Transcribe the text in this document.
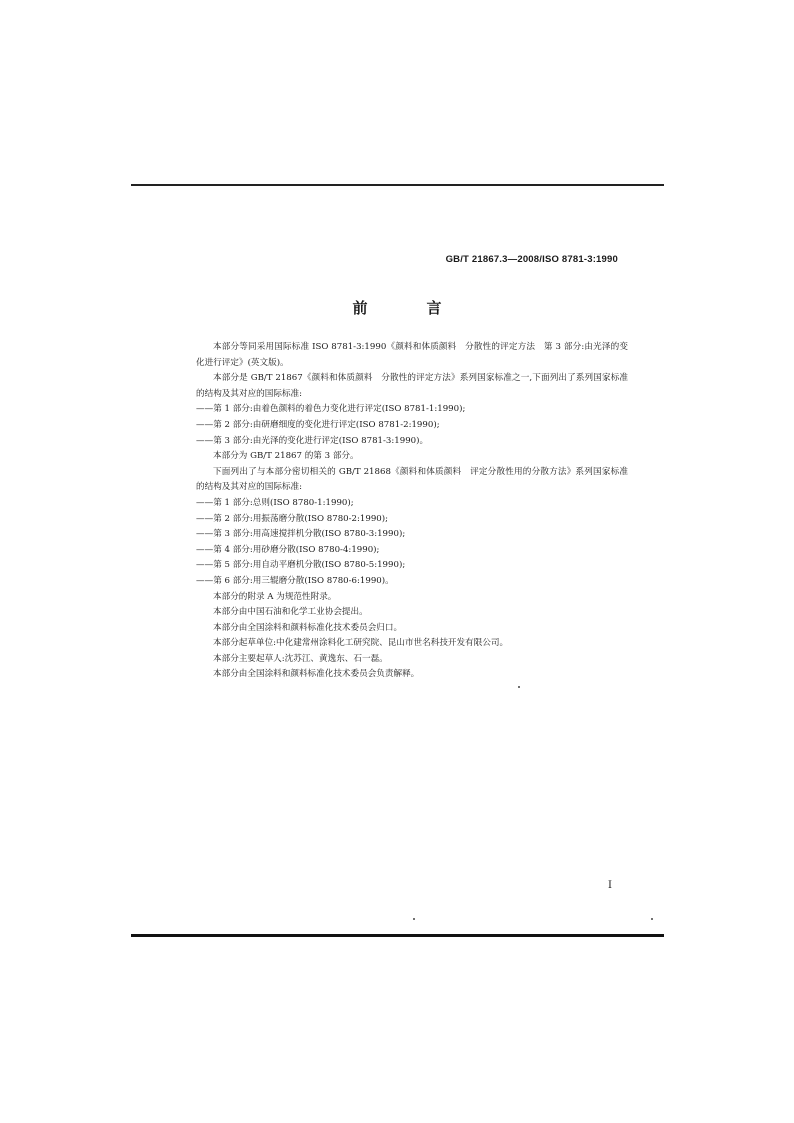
GB/T 21867.3—2008/ISO 8781-3:1990
前　言

本部分等同采用国际标准 ISO 8781-3:1990《颜料和体质颜料　分散性的评定方法　第 3 部分:由光泽的变化进行评定》(英文版)。

本部分是 GB/T 21867《颜料和体质颜料　分散性的评定方法》系列国家标准之一,下面列出了系列国家标准的结构及其对应的国际标准:

——第 1 部分:由着色颜料的着色力变化进行评定(ISO 8781-1:1990);

——第 2 部分:由研磨细度的变化进行评定(ISO 8781-2:1990);

——第 3 部分:由光泽的变化进行评定(ISO 8781-3:1990)。

本部分为 GB/T 21867 的第 3 部分。

下面列出了与本部分密切相关的 GB/T 21868《颜料和体质颜料　评定分散性用的分散方法》系列国家标准的结构及其对应的国际标准:

——第 1 部分:总则(ISO 8780-1:1990);

——第 2 部分:用振荡磨分散(ISO 8780-2:1990);

——第 3 部分:用高速搅拌机分散(ISO 8780-3:1990);

——第 4 部分:用砂磨分散(ISO 8780-4:1990);

——第 5 部分:用自动平磨机分散(ISO 8780-5:1990);

——第 6 部分:用三辊磨分散(ISO 8780-6:1990)。

本部分的附录 A 为规范性附录。

本部分由中国石油和化学工业协会提出。

本部分由全国涂料和颜料标准化技术委员会归口。

本部分起草单位:中化建常州涂料化工研究院、昆山市世名科技开发有限公司。

本部分主要起草人:沈苏江、黄逸东、石一磊。

本部分由全国涂料和颜料标准化技术委员会负责解释。

I
